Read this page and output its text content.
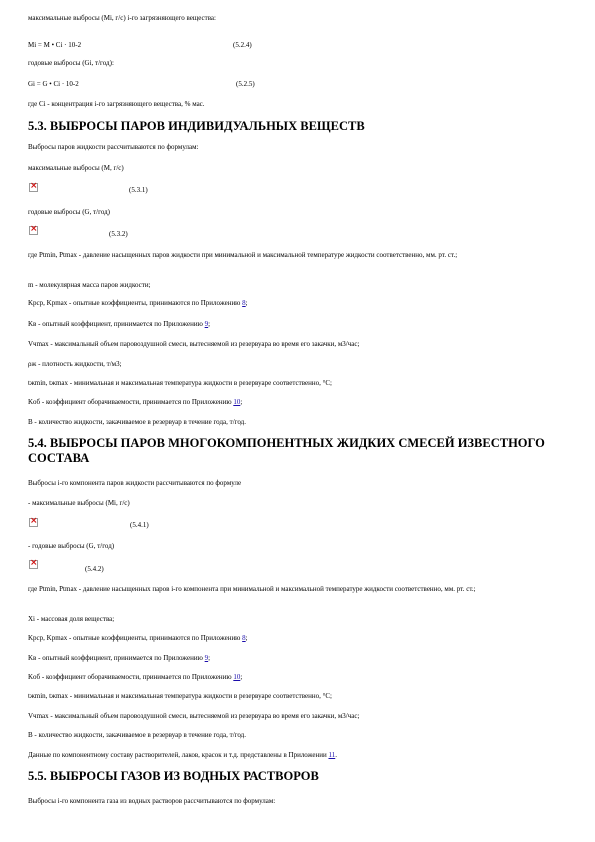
максимальные выбросы (Mi, г/с) i-го загрязняющего вещества:
Mi = M • Ci · 10-2	(5.2.4)
годовые выбросы (Gi, т/год):
Gi = G • Ci · 10-2	(5.2.5)
где Ci - концентрация i-го загрязняющего вещества, % мас.
5.3. ВЫБРОСЫ ПАРОВ ИНДИВИДУАЛЬНЫХ ВЕЩЕСТВ
Выбросы паров жидкости рассчитываются по формулам:
максимальные выбросы (M, г/с)
×
(5.3.1)
годовые выбросы (G, т/год)
×
(5.3.2)
где Ptmin, Ptmax - давление насыщенных паров жидкости при минимальной и максимальной температуре жидкости соответственно, мм. рт. ст.;
m - молекулярная масса паров жидкости;
Kрср, Kрmax - опытные коэффициенты, принимаются по Приложению 8;
Kв - опытный коэффициент, принимается по Приложению 9;
Vчmax - максимальный объем паровоздушной смеси, вытесняемой из резервуара во время его закачки, м3/час;
ρж - плотность жидкости, т/м3;
tжmin, tжmax - минимальная и максимальная температура жидкости в резервуаре соответственно, °С;
Kоб - коэффициент оборачиваемости, принимается по Приложению 10;
B - количество жидкости, закачиваемое в резервуар в течение года, т/год.
5.4. ВЫБРОСЫ ПАРОВ МНОГОКОМПОНЕНТНЫХ ЖИДКИХ СМЕСЕЙ ИЗВЕСТНОГО СОСТАВА
Выбросы i-го компонента паров жидкости рассчитываются по формуле
- максимальные выбросы (Mi, г/с)
×
(5.4.1)
- годовые выбросы (G, т/год)
×
(5.4.2)
где Ptmin, Ptmax - давление насыщенных паров i-го компонента при минимальной и максимальной температуре жидкости соответственно, мм. рт. ст.;
Xi - массовая доля вещества;
Kрср, Kрmax - опытные коэффициенты, принимаются по Приложению 8;
Kв - опытный коэффициент, принимается по Приложению 9;
Kоб - коэффициент оборачиваемости, принимается по Приложению 10;
tжmin, tжmax - минимальная и максимальная температура жидкости в резервуаре соответственно, °С;
Vчmax - максимальный объем паровоздушной смеси, вытесняемой из резервуара во время его закачки, м3/час;
B - количество жидкости, закачиваемое в резервуар в течение года, т/год.
Данные по компонентному составу растворителей, лаков, красок и т.д. представлены в Приложении 11.
5.5. ВЫБРОСЫ ГАЗОВ ИЗ ВОДНЫХ РАСТВОРОВ
Выбросы i-го компонента газа из водных растворов рассчитываются по формулам:
